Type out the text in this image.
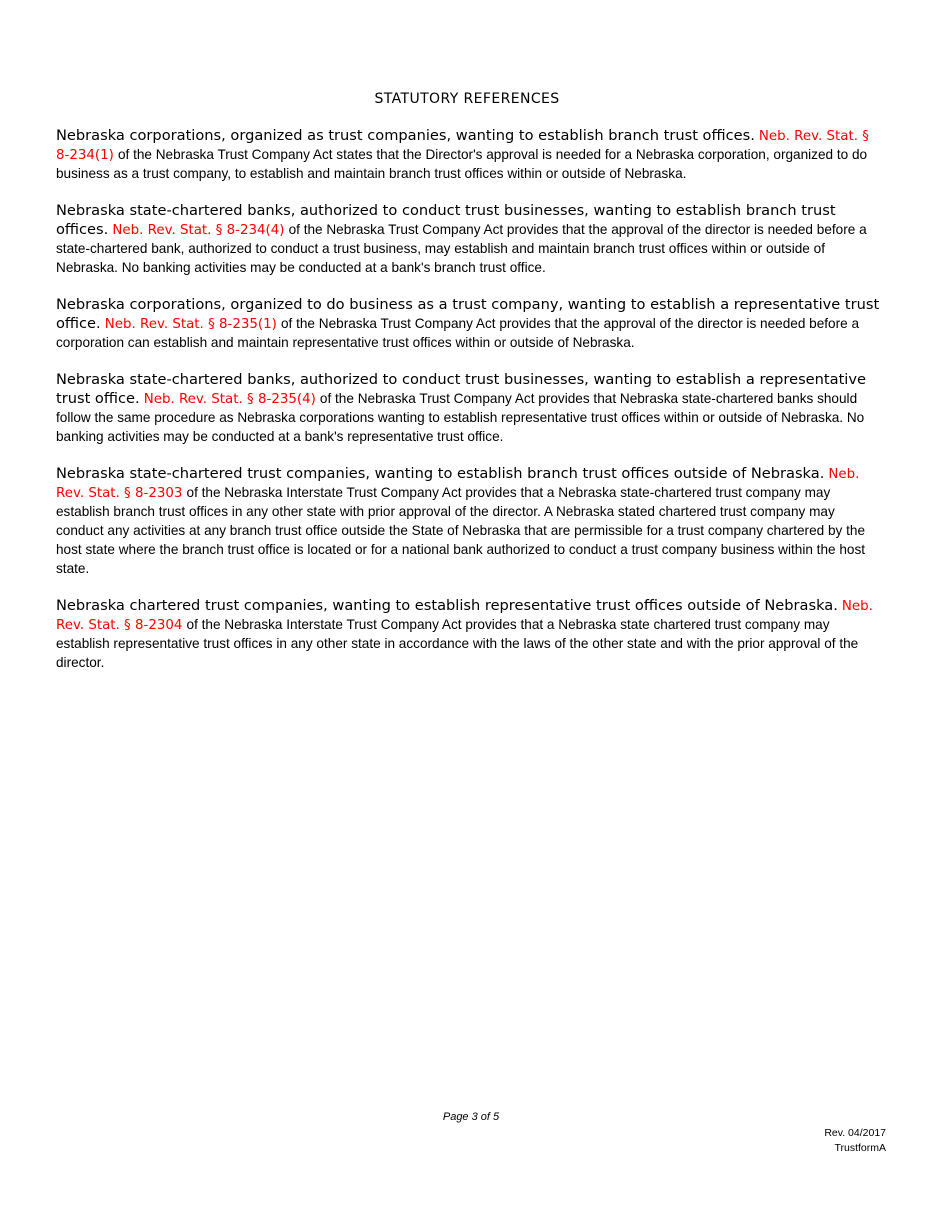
STATUTORY REFERENCES

Nebraska corporations, organized as trust companies, wanting to establish branch trust offices. Neb. Rev. Stat. § 8-234(1) of the Nebraska Trust Company Act states that the Director's approval is needed for a Nebraska corporation, organized to do business as a trust company, to establish and maintain branch trust offices within or outside of Nebraska.

Nebraska state-chartered banks, authorized to conduct trust businesses, wanting to establish branch trust offices. Neb. Rev. Stat. § 8-234(4) of the Nebraska Trust Company Act provides that the approval of the director is needed before a state-chartered bank, authorized to conduct a trust business, may establish and maintain branch trust offices within or outside of Nebraska. No banking activities may be conducted at a bank's branch trust office.

Nebraska corporations, organized to do business as a trust company, wanting to establish a representative trust office. Neb. Rev. Stat. § 8-235(1) of the Nebraska Trust Company Act provides that the approval of the director is needed before a corporation can establish and maintain representative trust offices within or outside of Nebraska.

Nebraska state-chartered banks, authorized to conduct trust businesses, wanting to establish a representative trust office. Neb. Rev. Stat. § 8-235(4) of the Nebraska Trust Company Act provides that Nebraska state-chartered banks should follow the same procedure as Nebraska corporations wanting to establish representative trust offices within or outside of Nebraska. No banking activities may be conducted at a bank's representative trust office.

Nebraska state-chartered trust companies, wanting to establish branch trust offices outside of Nebraska. Neb. Rev. Stat. § 8-2303 of the Nebraska Interstate Trust Company Act provides that a Nebraska state-chartered trust company may establish branch trust offices in any other state with prior approval of the director. A Nebraska stated chartered trust company may conduct any activities at any branch trust office outside the State of Nebraska that are permissible for a trust company chartered by the host state where the branch trust office is located or for a national bank authorized to conduct a trust company business within the host state.

Nebraska chartered trust companies, wanting to establish representative trust offices outside of Nebraska. Neb. Rev. Stat. § 8-2304 of the Nebraska Interstate Trust Company Act provides that a Nebraska state chartered trust company may establish representative trust offices in any other state in accordance with the laws of the other state and with the prior approval of the director.

Page 3 of 5
Rev. 04/2017
TrustformA
